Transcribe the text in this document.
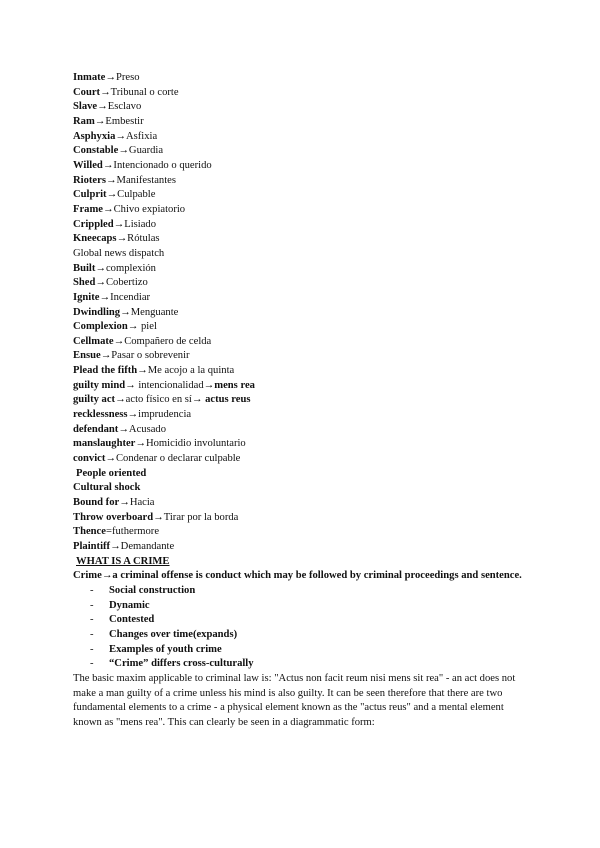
Inmate→Preso
Court→Tribunal o corte
Slave→Esclavo
Ram→Embestir
Asphyxia→Asfixia
Constable→Guardia
Willed→Intencionado o querido
Rioters→Manifestantes
Culprit→Culpable
Frame→Chivo expiatorio
Crippled→Lisiado
Kneecaps→Rótulas
Global news dispatch
Built→complexión
Shed→Cobertizo
Ignite→Incendiar
Dwindling→Menguante
Complexion→ piel
Cellmate→Compañero de celda
Ensue→Pasar o sobrevenir
Plead the fifth→Me acojo a la quinta
guilty mind→ intencionalidad→mens rea
guilty act→acto físico en sí→ actus reus
recklessness→imprudencia
defendant→Acusado
manslaughter→Homicidio involuntario
convict→Condenar o declarar culpable
People oriented
Cultural shock
Bound for→Hacia
Throw overboard→Tirar por la borda
Thence=futhermore
Plaintiff→Demandante
WHAT IS A CRIME
Crime→a criminal offense is conduct which may be followed by criminal proceedings and sentence.
-	Social construction
-	Dynamic
-	Contested
-	Changes over time(expands)
-	Examples of youth crime
-	“Crime” differs cross-culturally
The basic maxim applicable to criminal law is: "Actus non facit reum nisi mens sit rea" - an act does not make a man guilty of a crime unless his mind is also guilty. It can be seen therefore that there are two fundamental elements to a crime - a physical element known as the "actus reus" and a mental element known as "mens rea". This can clearly be seen in a diagrammatic form:
